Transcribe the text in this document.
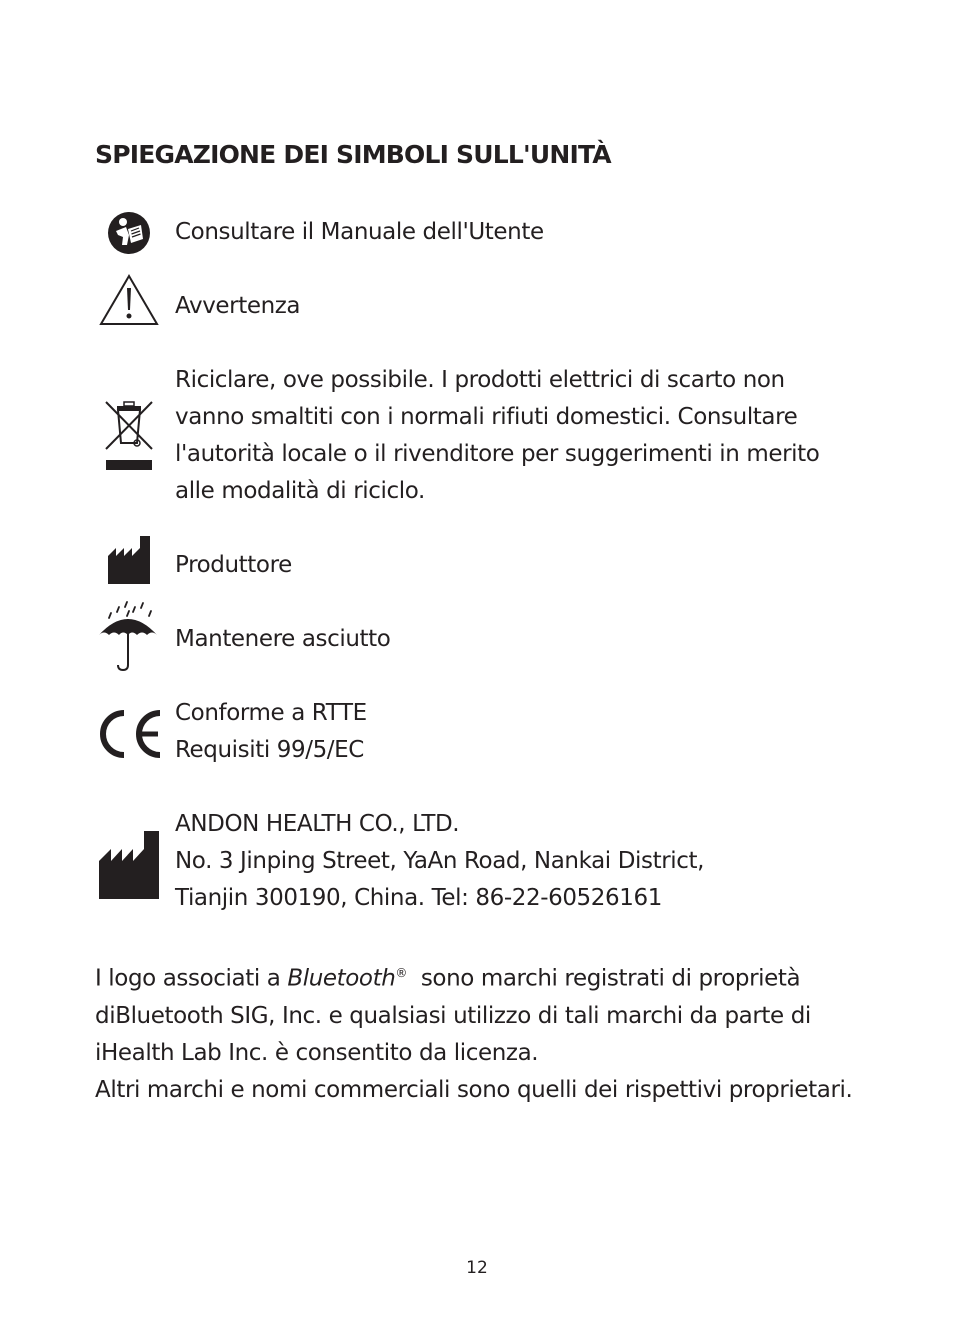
SPIEGAZIONE DEI SIMBOLI SULL'UNITÀ
Consultare il Manuale dell'Utente
Avvertenza
Riciclare, ove possibile. I prodotti elettrici di scarto non
vanno smaltiti con i normali rifiuti domestici. Consultare
l'autorità locale o il rivenditore per suggerimenti in merito
alle modalità di riciclo.
Produttore
Mantenere asciutto
Conforme a RTTE
Requisiti 99/5/EC
ANDON HEALTH CO., LTD.
No. 3 Jinping Street, YaAn Road, Nankai District,
Tianjin 300190, China. Tel: 86-22-60526161
I logo associati a Bluetooth®  sono marchi registrati di proprietà
diBluetooth SIG, Inc. e qualsiasi utilizzo di tali marchi da parte di
iHealth Lab Inc. è consentito da licenza.
Altri marchi e nomi commerciali sono quelli dei rispettivi proprietari.
12
